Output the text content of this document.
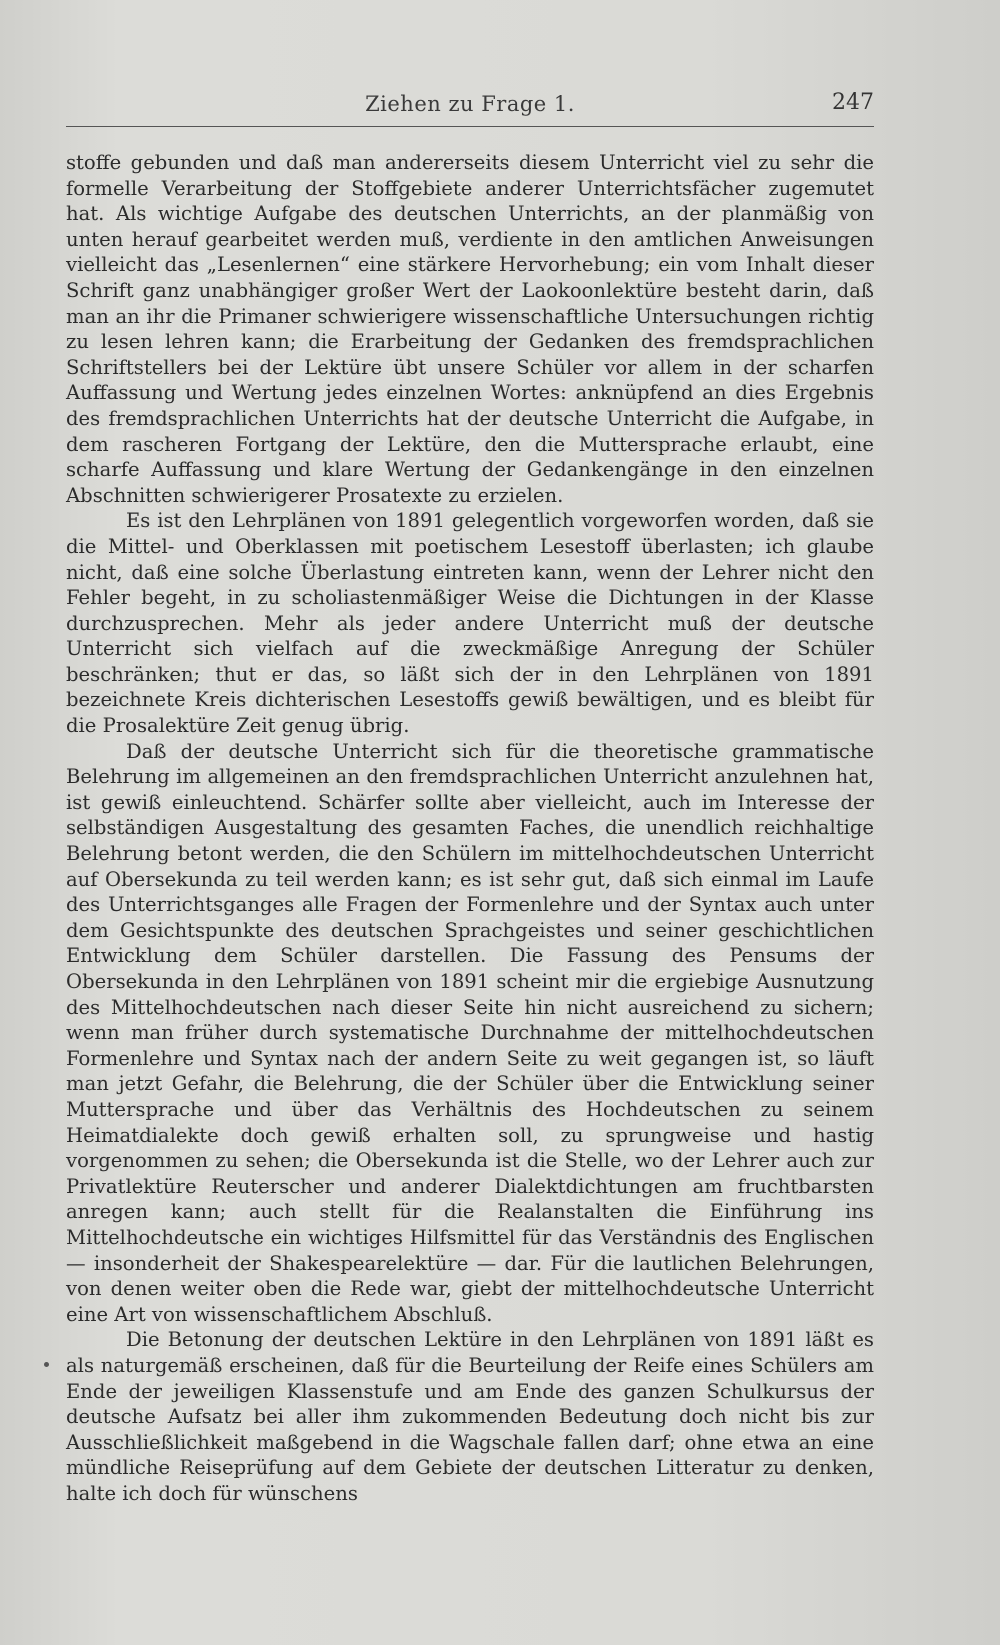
Ziehen zu Frage 1.	247

stoffe gebunden und daß man andererseits diesem Unterricht viel zu sehr die formelle Verarbeitung der Stoffgebiete anderer Unterrichtsfächer zugemutet hat. Als wichtige Aufgabe des deutschen Unterrichts, an der planmäßig von unten herauf gearbeitet werden muß, verdiente in den amtlichen Anweisungen vielleicht das „Lesenlernen“ eine stärkere Hervorhebung; ein vom Inhalt dieser Schrift ganz unabhängiger großer Wert der Laokoonlektüre besteht darin, daß man an ihr die Primaner schwierigere wissenschaftliche Untersuchungen richtig zu lesen lehren kann; die Erarbeitung der Gedanken des fremdsprachlichen Schriftstellers bei der Lektüre übt unsere Schüler vor allem in der scharfen Auffassung und Wertung jedes einzelnen Wortes: anknüpfend an dies Ergebnis des fremdsprachlichen Unterrichts hat der deutsche Unterricht die Aufgabe, in dem rascheren Fortgang der Lektüre, den die Muttersprache erlaubt, eine scharfe Auffassung und klare Wertung der Gedankengänge in den einzelnen Abschnitten schwierigerer Prosatexte zu erzielen.

Es ist den Lehrplänen von 1891 gelegentlich vorgeworfen worden, daß sie die Mittel- und Oberklassen mit poetischem Lesestoff überlasten; ich glaube nicht, daß eine solche Überlastung eintreten kann, wenn der Lehrer nicht den Fehler begeht, in zu scholiastenmäßiger Weise die Dichtungen in der Klasse durchzusprechen. Mehr als jeder andere Unterricht muß der deutsche Unterricht sich vielfach auf die zweckmäßige Anregung der Schüler beschränken; thut er das, so läßt sich der in den Lehrplänen von 1891 bezeichnete Kreis dichterischen Lesestoffs gewiß bewältigen, und es bleibt für die Prosalektüre Zeit genug übrig.

Daß der deutsche Unterricht sich für die theoretische grammatische Belehrung im allgemeinen an den fremdsprachlichen Unterricht anzulehnen hat, ist gewiß einleuchtend. Schärfer sollte aber vielleicht, auch im Interesse der selbständigen Ausgestaltung des gesamten Faches, die unendlich reichhaltige Belehrung betont werden, die den Schülern im mittelhochdeutschen Unterricht auf Obersekunda zu teil werden kann; es ist sehr gut, daß sich einmal im Laufe des Unterrichtsganges alle Fragen der Formenlehre und der Syntax auch unter dem Gesichtspunkte des deutschen Sprachgeistes und seiner geschichtlichen Entwicklung dem Schüler darstellen. Die Fassung des Pensums der Obersekunda in den Lehrplänen von 1891 scheint mir die ergiebige Ausnutzung des Mittelhochdeutschen nach dieser Seite hin nicht ausreichend zu sichern; wenn man früher durch systematische Durchnahme der mittelhochdeutschen Formenlehre und Syntax nach der andern Seite zu weit gegangen ist, so läuft man jetzt Gefahr, die Belehrung, die der Schüler über die Entwicklung seiner Muttersprache und über das Verhältnis des Hochdeutschen zu seinem Heimatdialekte doch gewiß erhalten soll, zu sprungweise und hastig vorgenommen zu sehen; die Obersekunda ist die Stelle, wo der Lehrer auch zur Privatlektüre Reuterscher und anderer Dialektdichtungen am fruchtbarsten anregen kann; auch stellt für die Realanstalten die Einführung ins Mittelhochdeutsche ein wichtiges Hilfsmittel für das Verständnis des Englischen — insonderheit der Shakespearelektüre — dar. Für die lautlichen Belehrungen, von denen weiter oben die Rede war, giebt der mittelhochdeutsche Unterricht eine Art von wissenschaftlichem Abschluß.

Die Betonung der deutschen Lektüre in den Lehrplänen von 1891 läßt es als naturgemäß erscheinen, daß für die Beurteilung der Reife eines Schülers am Ende der jeweiligen Klassenstufe und am Ende des ganzen Schulkursus der deutsche Aufsatz bei aller ihm zukommenden Bedeutung doch nicht bis zur Ausschließlichkeit maßgebend in die Wagschale fallen darf; ohne etwa an eine mündliche Reiseprüfung auf dem Gebiete der deutschen Litteratur zu denken, halte ich doch für wünschens
